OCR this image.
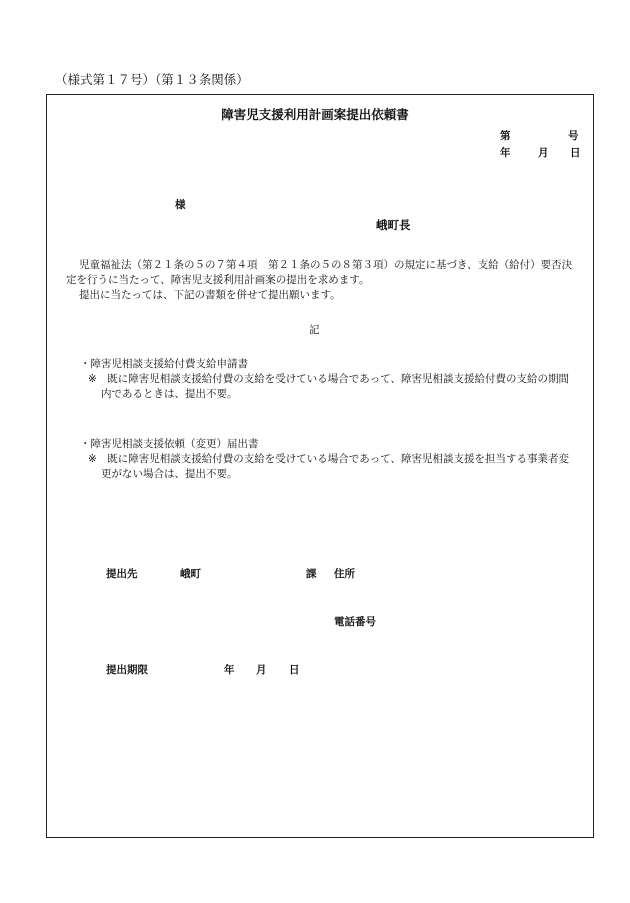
（様式第１７号）（第１３条関係）
障害児支援利用計画案提出依頼書
第	号
年	月 日
様
峨町長

児童福祉法（第２１条の５の７第４項　第２１条の５の８第３項）の規定に基づき、支給（給付）要否決

定を行うに当たって、障害児支援利用計画案の提出を求めます。

提出に当たっては、下記の書類を併せて提出願います。

記
・障害児相談支援給付費支給申請書
※　既に障害児相談支援給付費の支給を受けている場合であって、障害児相談支援給付費の支給の期間
内であるときは、提出不要。
・障害児相談支援依頼（変更）届出書
※　既に障害児相談支援給付費の支給を受けている場合であって、障害児相談支援を担当する事業者変
更がない場合は、提出不要。
提出先	峨町	課 住所
電話番号
提出期限	年 月 日
